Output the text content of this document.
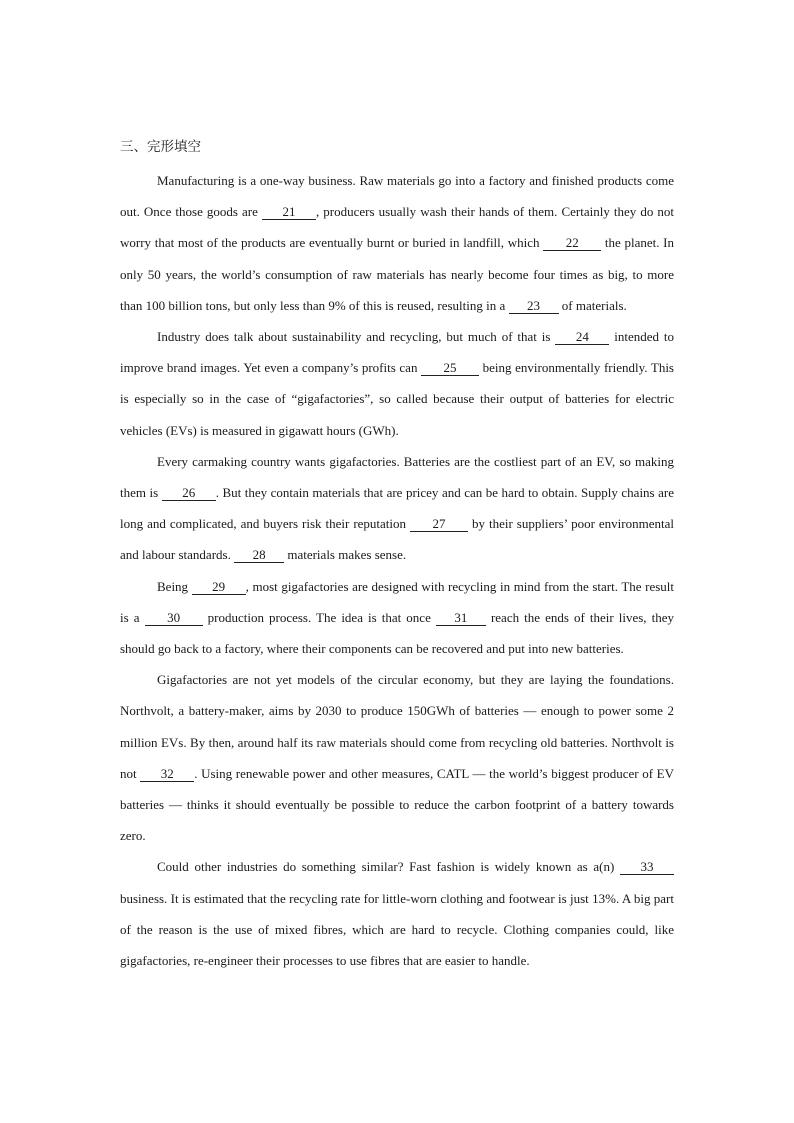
三、完形填空

Manufacturing is a one-way business. Raw materials go into a factory and finished products come out. Once those goods are 21 , producers usually wash their hands of them. Certainly they do not worry that most of the products are eventually burnt or buried in landfill, which 22 the planet. In only 50 years, the world’s consumption of raw materials has nearly become four times as big, to more than 100 billion tons, but only less than 9% of this is reused, resulting in a 23 of materials.

Industry does talk about sustainability and recycling, but much of that is 24 intended to improve brand images. Yet even a company’s profits can 25 being environmentally friendly. This is especially so in the case of “gigafactories”, so called because their output of batteries for electric vehicles (EVs) is measured in gigawatt hours (GWh).

Every carmaking country wants gigafactories. Batteries are the costliest part of an EV, so making them is 26 . But they contain materials that are pricey and can be hard to obtain. Supply chains are long and complicated, and buyers risk their reputation 27 by their suppliers’ poor environmental and labour standards. 28 materials makes sense.

Being 29 , most gigafactories are designed with recycling in mind from the start. The result is a 30 production process. The idea is that once 31 reach the ends of their lives, they should go back to a factory, where their components can be recovered and put into new batteries.

Gigafactories are not yet models of the circular economy, but they are laying the foundations. Northvolt, a battery-maker, aims by 2030 to produce 150GWh of batteries — enough to power some 2 million EVs. By then, around half its raw materials should come from recycling old batteries. Northvolt is not 32 . Using renewable power and other measures, CATL — the world’s biggest producer of EV batteries — thinks it should eventually be possible to reduce the carbon footprint of a battery towards zero.

Could other industries do something similar? Fast fashion is widely known as a(n) 33 business. It is estimated that the recycling rate for little-worn clothing and footwear is just 13%. A big part of the reason is the use of mixed fibres, which are hard to recycle. Clothing companies could, like gigafactories, re-engineer their processes to use fibres that are easier to handle.
